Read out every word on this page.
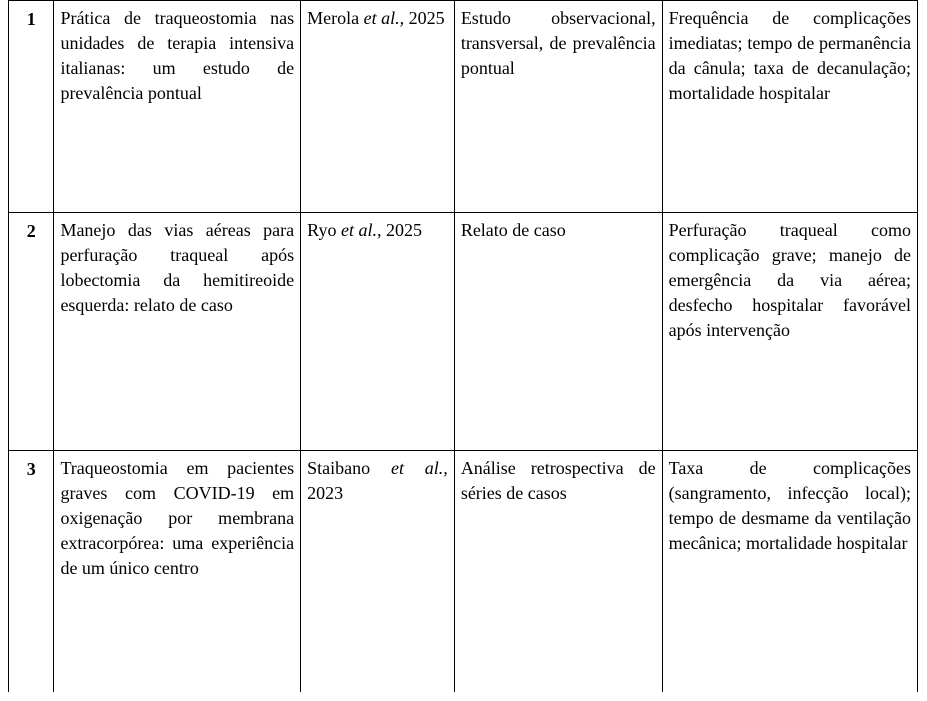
1	Prática de traqueostomia nas unidades de terapia intensiva italianas: um estudo de prevalência pontual	Merola et al., 2025	Estudo observacional, transversal, de prevalência pontual	Frequência de complicações imediatas; tempo de permanência da cânula; taxa de decanulação; mortalidade hospitalar
2	Manejo das vias aéreas para perfuração traqueal após lobectomia da hemitireoide esquerda: relato de caso	Ryo et al., 2025	Relato de caso	Perfuração traqueal como complicação grave; manejo de emergência da via aérea; desfecho hospitalar favorável após intervenção
3	Traqueostomia em pacientes graves com COVID-19 em oxigenação por membrana extracorpórea: uma experiência de um único centro	Staibano et al., 2023	Análise retrospectiva de séries de casos	Taxa de complicações (sangramento, infecção local); tempo de desmame da ventilação mecânica; mortalidade hospitalar
